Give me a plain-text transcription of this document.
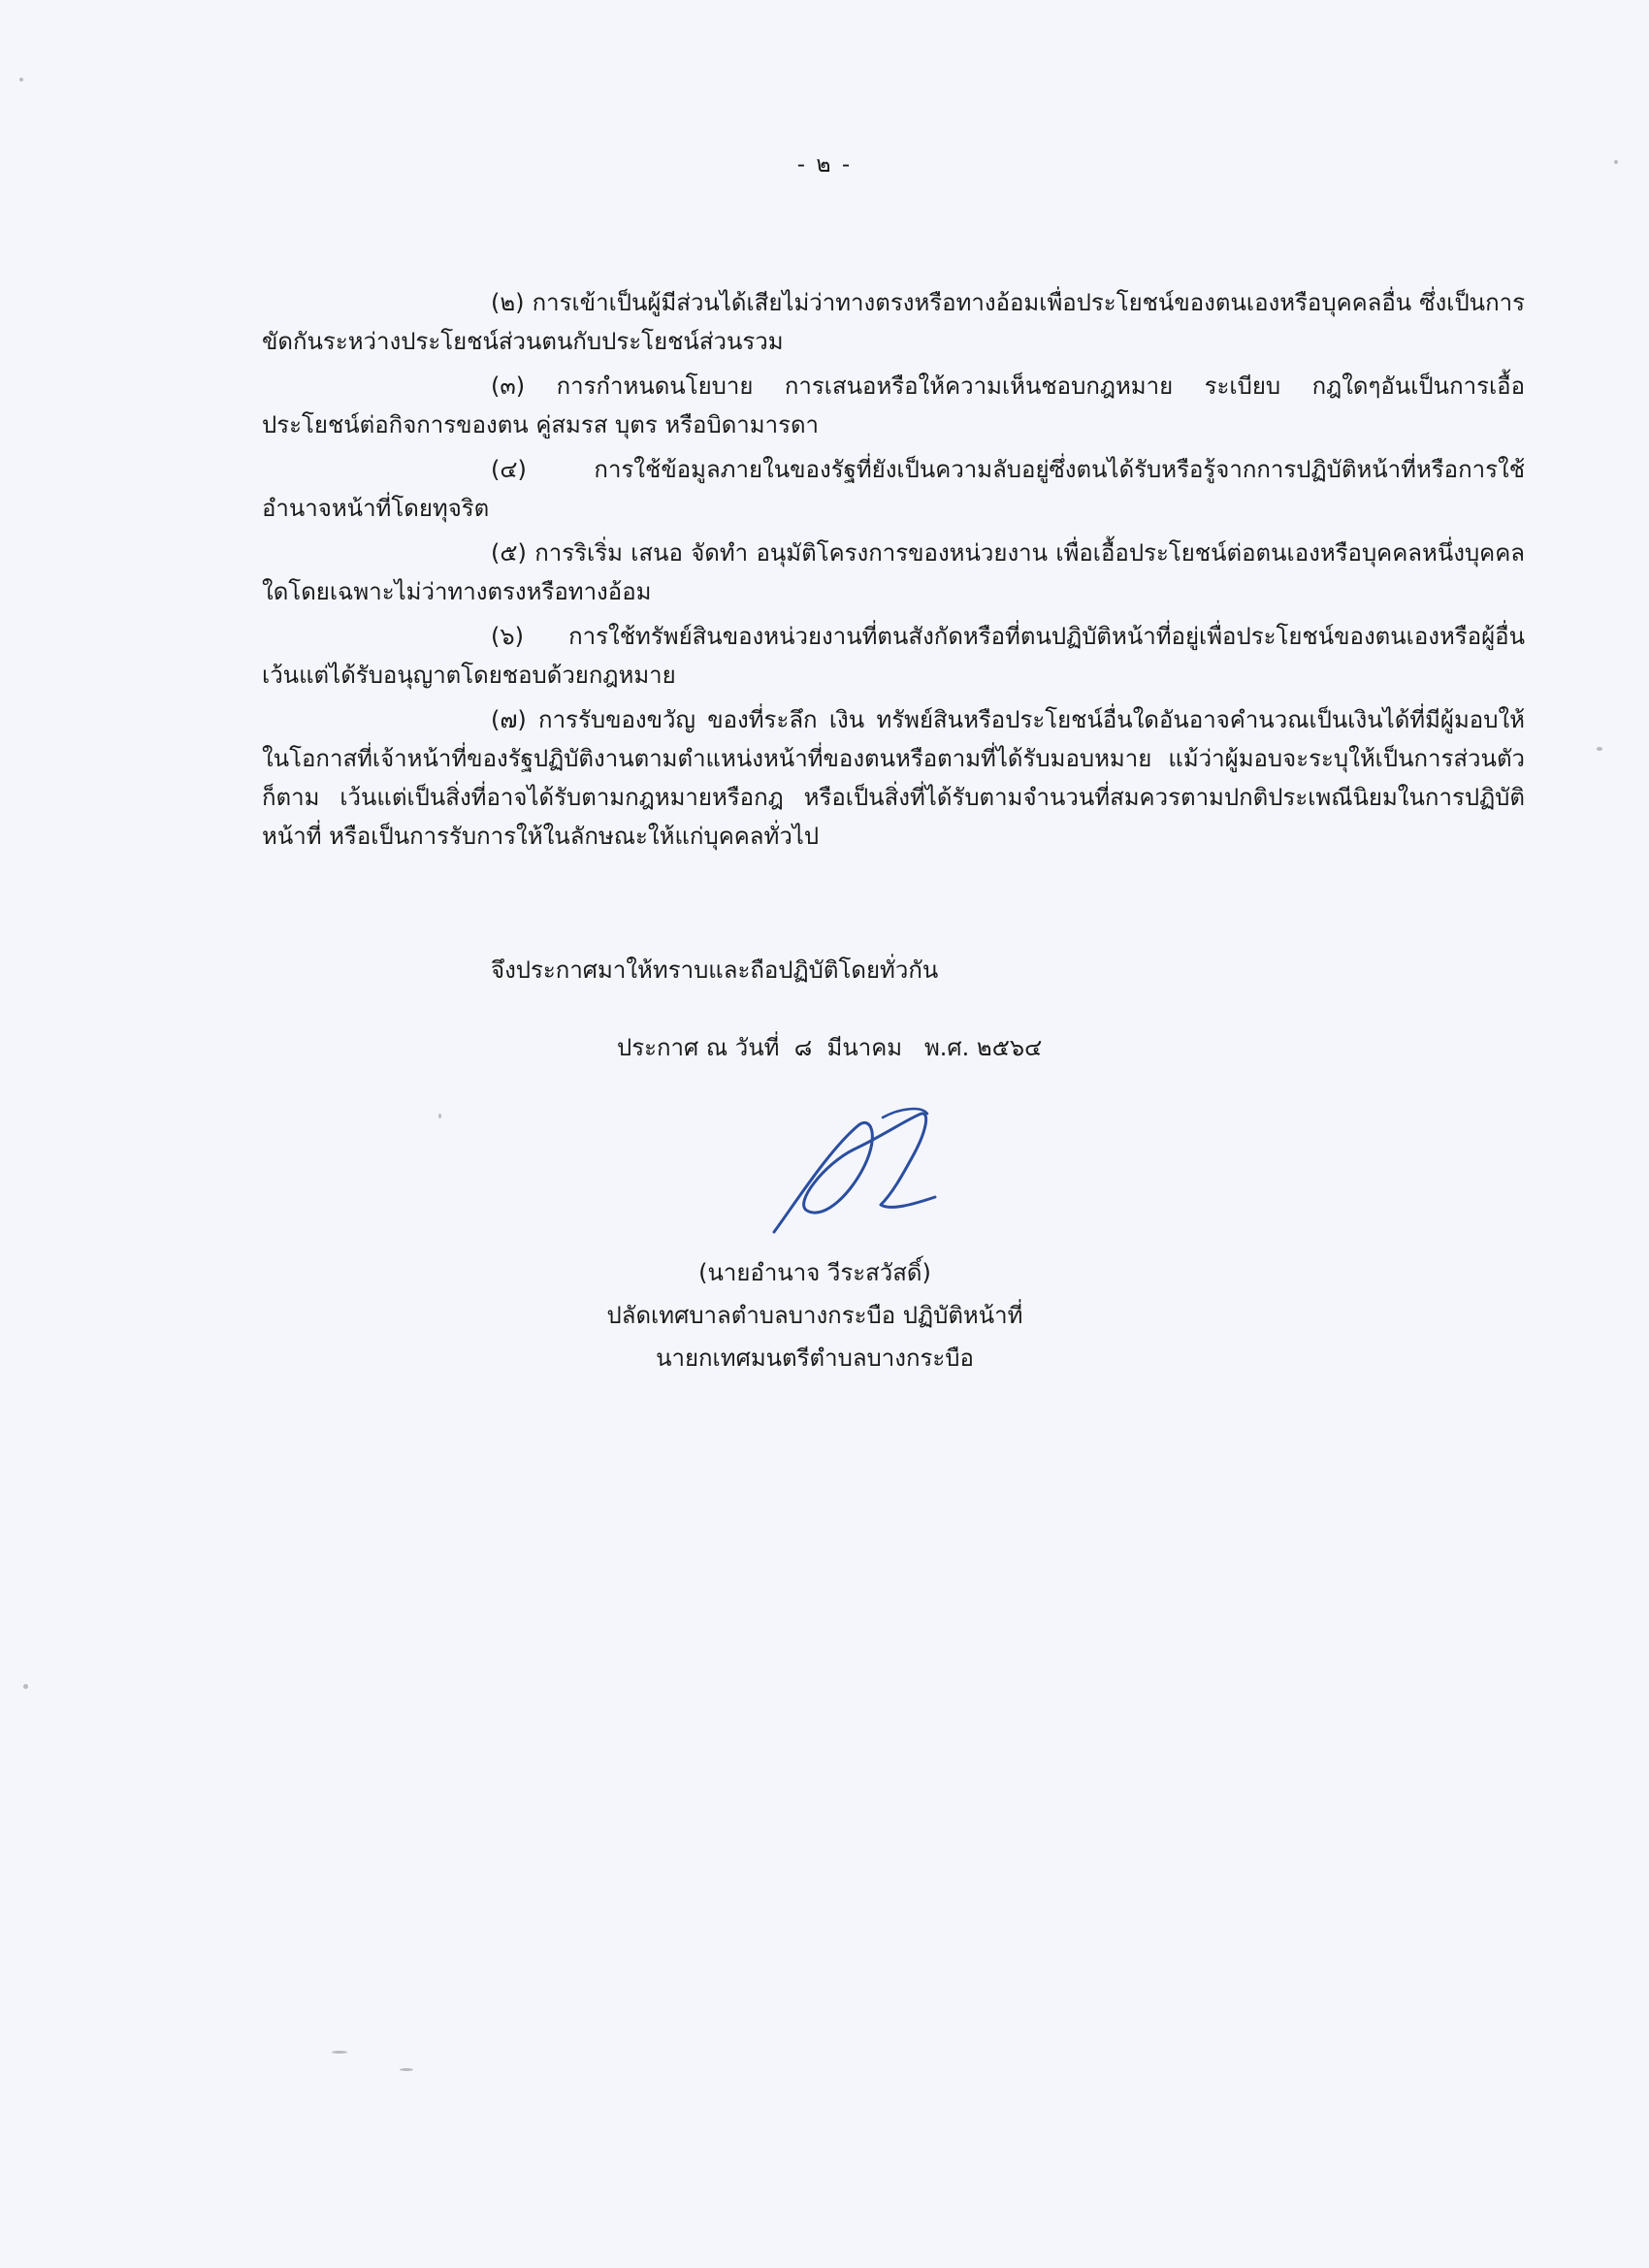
- ๒ -

(๒) การเข้าเป็นผู้มีส่วนได้เสียไม่ว่าทางตรงหรือทางอ้อมเพื่อประโยชน์ของตนเองหรือบุคคลอื่น ซึ่งเป็นการขัดกันระหว่างประโยชน์ส่วนตนกับประโยชน์ส่วนรวม

(๓) การกำหนดนโยบาย การเสนอหรือให้ความเห็นชอบกฎหมาย ระเบียบ กฎใดๆอันเป็นการเอื้อประโยชน์ต่อกิจการของตน คู่สมรส บุตร หรือบิดามารดา

(๔) การใช้ข้อมูลภายในของรัฐที่ยังเป็นความลับอยู่ซึ่งตนได้รับหรือรู้จากการปฏิบัติหน้าที่หรือการใช้อำนาจหน้าที่โดยทุจริต

(๕) การริเริ่ม เสนอ จัดทำ อนุมัติโครงการของหน่วยงาน เพื่อเอื้อประโยชน์ต่อตนเองหรือบุคคลหนึ่งบุคคลใดโดยเฉพาะไม่ว่าทางตรงหรือทางอ้อม

(๖) การใช้ทรัพย์สินของหน่วยงานที่ตนสังกัดหรือที่ตนปฏิบัติหน้าที่อยู่เพื่อประโยชน์ของตนเองหรือผู้อื่น เว้นแต่ได้รับอนุญาตโดยชอบด้วยกฎหมาย

(๗) การรับของขวัญ ของที่ระลึก เงิน ทรัพย์สินหรือประโยชน์อื่นใดอันอาจคำนวณเป็นเงินได้ที่มีผู้มอบให้ในโอกาสที่เจ้าหน้าที่ของรัฐปฏิบัติงานตามตำแหน่งหน้าที่ของตนหรือตามที่ได้รับมอบหมาย แม้ว่าผู้มอบจะระบุให้เป็นการส่วนตัวก็ตาม เว้นแต่เป็นสิ่งที่อาจได้รับตามกฎหมายหรือกฎ หรือเป็นสิ่งที่ได้รับตามจำนวนที่สมควรตามปกติประเพณีนิยมในการปฏิบัติหน้าที่ หรือเป็นการรับการให้ในลักษณะให้แก่บุคคลทั่วไป

จึงประกาศมาให้ทราบและถือปฏิบัติโดยทั่วกัน
ประกาศ ณ วันที่  ๘  มีนาคม   พ.ศ. ๒๕๖๔
(นายอำนาจ วีระสวัสดิ์)
ปลัดเทศบาลตำบลบางกระบือ ปฏิบัติหน้าที่
นายกเทศมนตรีตำบลบางกระบือ
